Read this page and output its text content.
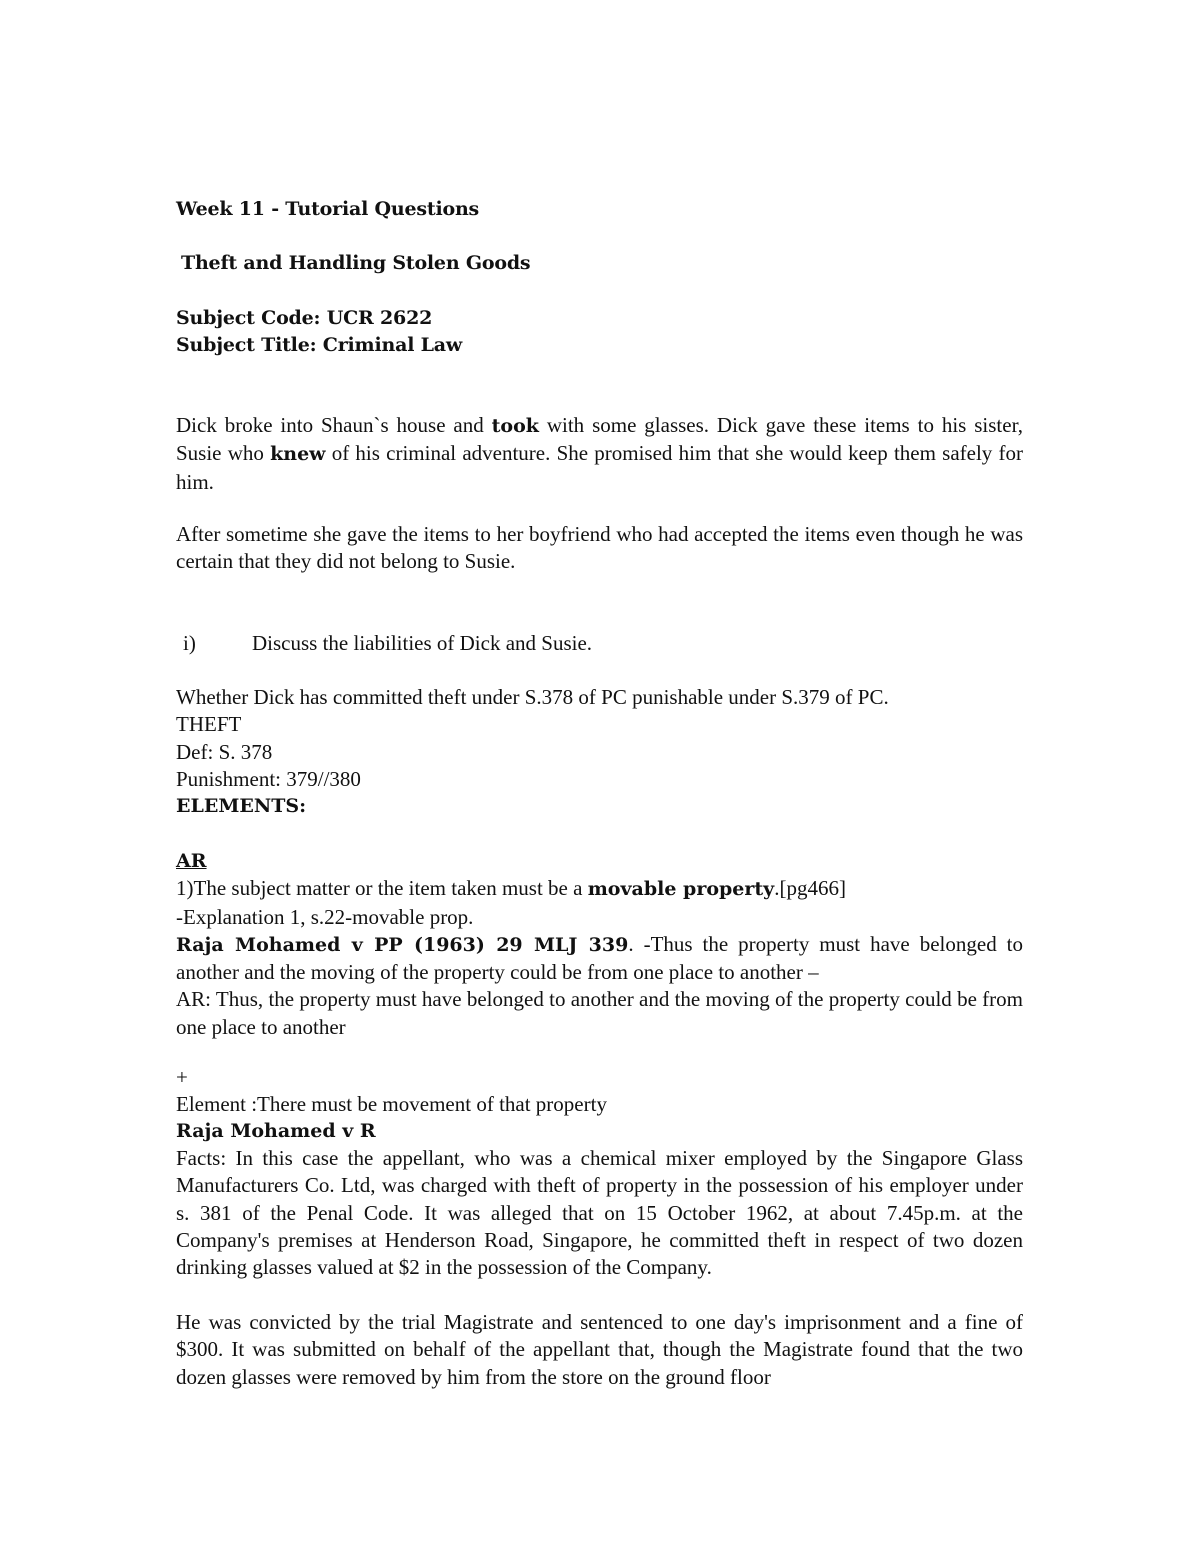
Week 11 - Tutorial Questions
Theft and Handling Stolen Goods
Subject Code: UCR 2622
Subject Title: Criminal Law

Dick broke into Shaun`s house and took with some glasses. Dick gave these items to his sister, Susie who knew of his criminal adventure. She promised him that she would keep them safely for him.

After sometime she gave the items to her boyfriend who had accepted the items even though he was certain that they did not belong to Susie.

i)	Discuss the liabilities of Dick and Susie.
Whether Dick has committed theft under S.378 of PC punishable under S.379 of PC.
THEFT
Def: S. 378
Punishment: 379//380
ELEMENTS:
AR
1)The subject matter or the item taken must be a movable property.[pg466]
-Explanation 1, s.22-movable prop.
Raja Mohamed v PP (1963) 29 MLJ 339. -Thus the property must have belonged to another and the moving of the property could be from one place to another –
AR: Thus, the property must have belonged to another and the moving of the property could be from one place to another
+
Element :There must be movement of that property
Raja Mohamed v R

Facts: In this case the appellant, who was a chemical mixer employed by the Singapore Glass Manufacturers Co. Ltd, was charged with theft of property in the possession of his employer under s. 381 of the Penal Code. It was alleged that on 15 October 1962, at about 7.45p.m. at the Company's premises at Henderson Road, Singapore, he committed theft in respect of two dozen drinking glasses valued at $2 in the possession of the Company.

He was convicted by the trial Magistrate and sentenced to one day's imprisonment and a fine of $300. It was submitted on behalf of the appellant that, though the Magistrate found that the two dozen glasses were removed by him from the store on the ground floor
